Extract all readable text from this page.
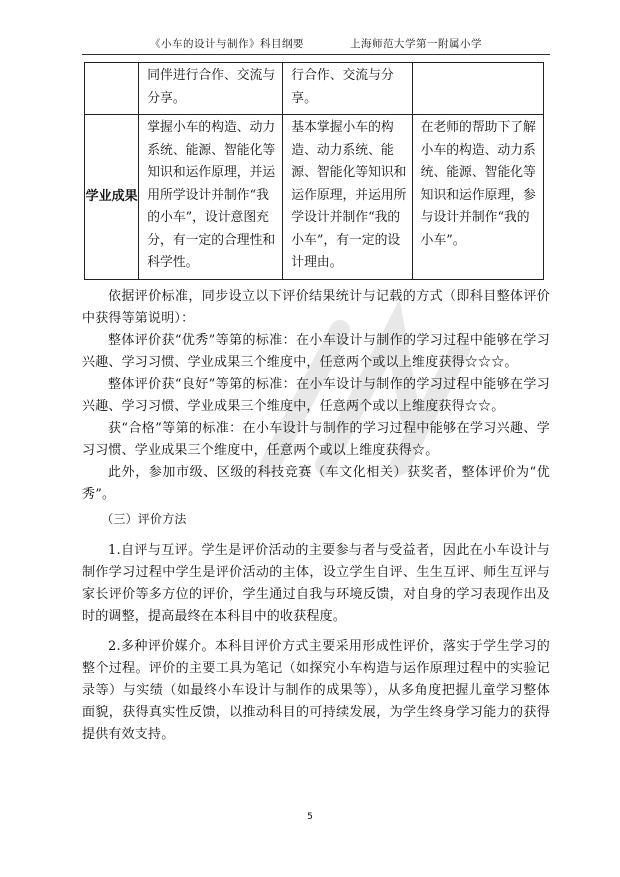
《小车的设计与制作》科目纲要	上海师范大学第一附属小学
	同伴进行合作、交流与分享。	行合作、交流与分享。	
学业成果	掌握小车的构造、动力系统、能源、智能化等知识和运作原理，并运用所学设计并制作“我的小车”，设计意图充分，有一定的合理性和科学性。	基本掌握小车的构造、动力系统、能源、智能化等知识和运作原理，并运用所学设计并制作“我的小车”，有一定的设计理由。	在老师的帮助下了解小车的构造、动力系统、能源、智能化等知识和运作原理，参与设计并制作“我的小车”。

依据评价标准，同步设立以下评价结果统计与记载的方式（即科目整体评价中获得等第说明）：

整体评价获“优秀”等第的标准：在小车设计与制作的学习过程中能够在学习兴趣、学习习惯、学业成果三个维度中，任意两个或以上维度获得☆☆☆。

整体评价获“良好”等第的标准：在小车设计与制作的学习过程中能够在学习兴趣、学习习惯、学业成果三个维度中，任意两个或以上维度获得☆☆。

获“合格”等第的标准：在小车设计与制作的学习过程中能够在学习兴趣、学习习惯、学业成果三个维度中，任意两个或以上维度获得☆。

此外，参加市级、区级的科技竞赛（车文化相关）获奖者，整体评价为“优秀”。

（三）评价方法

1.自评与互评。学生是评价活动的主要参与者与受益者，因此在小车设计与制作学习过程中学生是评价活动的主体，设立学生自评、生生互评、师生互评与家长评价等多方位的评价，学生通过自我与环境反馈，对自身的学习表现作出及时的调整，提高最终在本科目中的收获程度。

2.多种评价媒介。本科目评价方式主要采用形成性评价，落实于学生学习的整个过程。评价的主要工具为笔记（如探究小车构造与运作原理过程中的实验记录等）与实绩（如最终小车设计与制作的成果等），从多角度把握儿童学习整体面貌，获得真实性反馈，以推动科目的可持续发展，为学生终身学习能力的获得提供有效支持。

5
